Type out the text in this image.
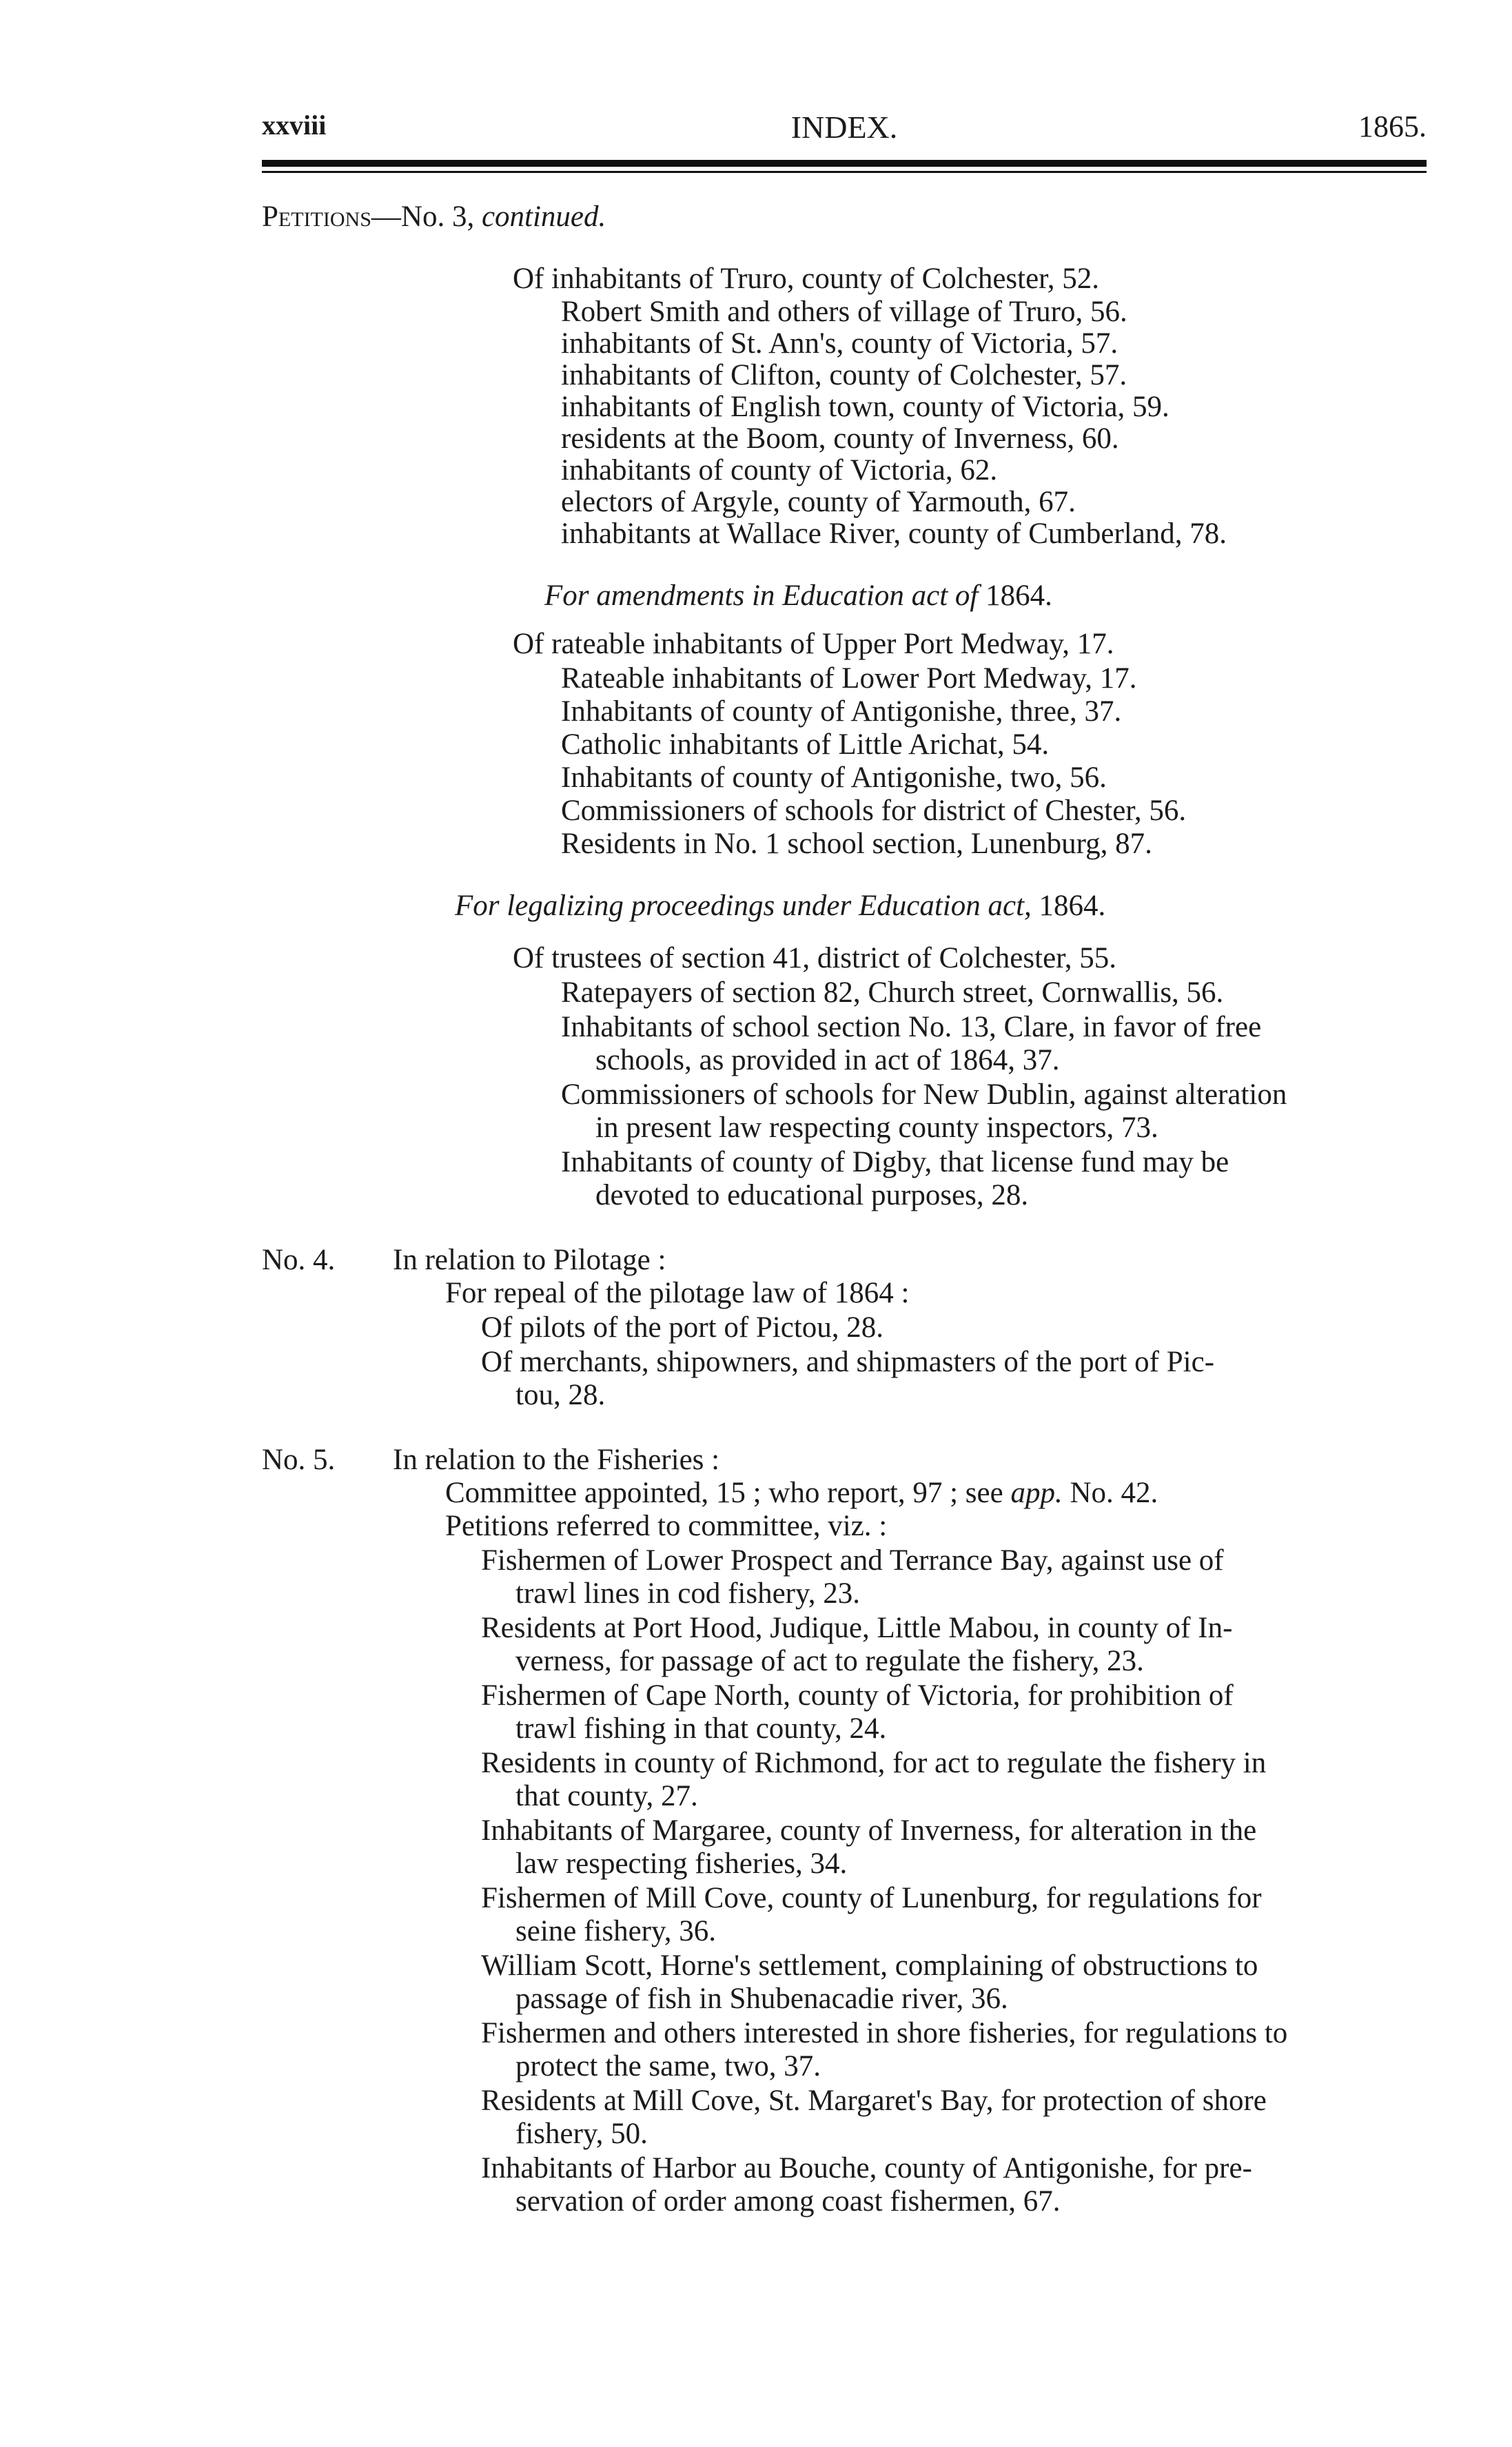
xxviii	INDEX.	1865.
Petitions—No. 3, continued.
Of inhabitants of Truro, county of Colchester, 52.
Robert Smith and others of village of Truro, 56.
inhabitants of St. Ann's, county of Victoria, 57.
inhabitants of Clifton, county of Colchester, 57.
inhabitants of English town, county of Victoria, 59.
residents at the Boom, county of Inverness, 60.
inhabitants of county of Victoria, 62.
electors of Argyle, county of Yarmouth, 67.
inhabitants at Wallace River, county of Cumberland, 78.
For amendments in Education act of 1864.
Of rateable inhabitants of Upper Port Medway, 17.
Rateable inhabitants of Lower Port Medway, 17.
Inhabitants of county of Antigonishe, three, 37.
Catholic inhabitants of Little Arichat, 54.
Inhabitants of county of Antigonishe, two, 56.
Commissioners of schools for district of Chester, 56.
Residents in No. 1 school section, Lunenburg, 87.
For legalizing proceedings under Education act, 1864.
Of trustees of section 41, district of Colchester, 55.
Ratepayers of section 82, Church street, Cornwallis, 56.
Inhabitants of school section No. 13, Clare, in favor of free
schools, as provided in act of 1864, 37.
Commissioners of schools for New Dublin, against alteration
in present law respecting county inspectors, 73.
Inhabitants of county of Digby, that license fund may be
devoted to educational purposes, 28.
No. 4. In relation to Pilotage :
For repeal of the pilotage law of 1864 :
Of pilots of the port of Pictou, 28.
Of merchants, shipowners, and shipmasters of the port of Pic-
tou, 28.
No. 5. In relation to the Fisheries :
Committee appointed, 15 ; who report, 97 ; see app. No. 42.
Petitions referred to committee, viz. :
Fishermen of Lower Prospect and Terrance Bay, against use of
trawl lines in cod fishery, 23.
Residents at Port Hood, Judique, Little Mabou, in county of In-
verness, for passage of act to regulate the fishery, 23.
Fishermen of Cape North, county of Victoria, for prohibition of
trawl fishing in that county, 24.
Residents in county of Richmond, for act to regulate the fishery in
that county, 27.
Inhabitants of Margaree, county of Inverness, for alteration in the
law respecting fisheries, 34.
Fishermen of Mill Cove, county of Lunenburg, for regulations for
seine fishery, 36.
William Scott, Horne's settlement, complaining of obstructions to
passage of fish in Shubenacadie river, 36.
Fishermen and others interested in shore fisheries, for regulations to
protect the same, two, 37.
Residents at Mill Cove, St. Margaret's Bay, for protection of shore
fishery, 50.
Inhabitants of Harbor au Bouche, county of Antigonishe, for pre-
servation of order among coast fishermen, 67.
